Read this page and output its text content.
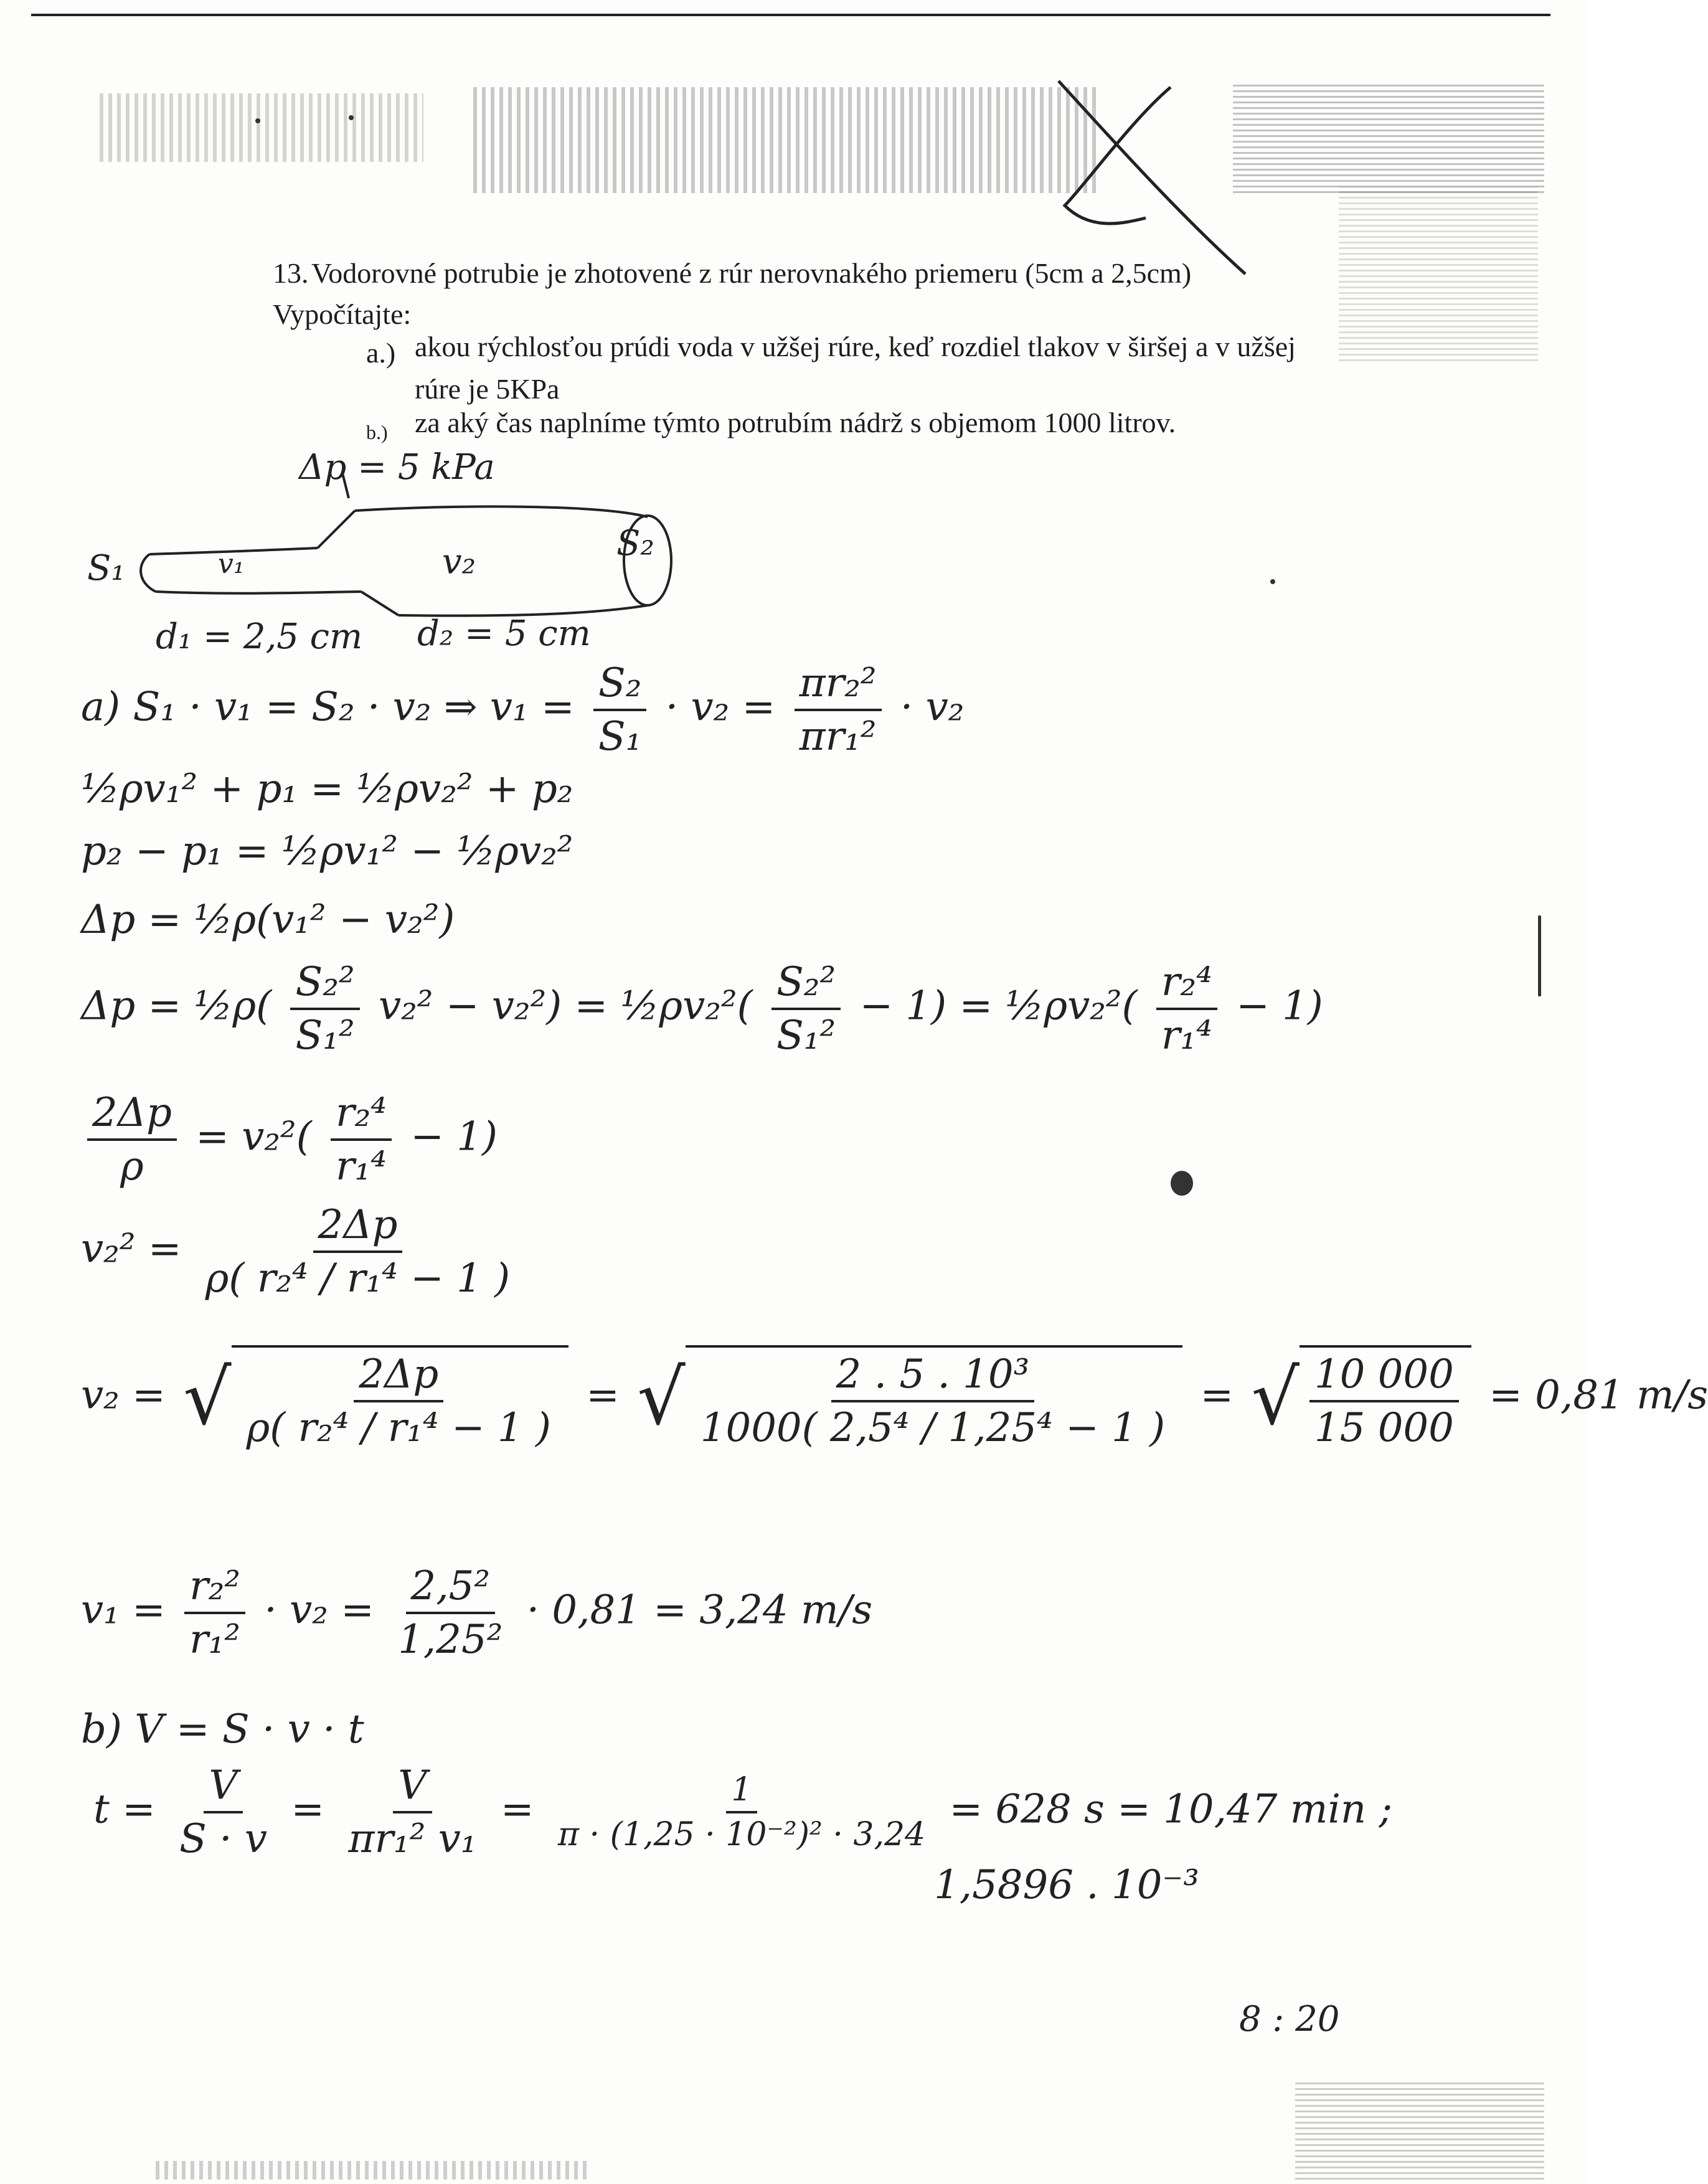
13. Vodorovné potrubie je zhotovené z rúr nerovnakého priemeru (5cm a 2,5cm)
Vypočítajte:
a.) akou rýchlosťou prúdi voda v užšej rúre, keď rozdiel tlakov v širšej a v užšej
rúre je 5KPa
b.) za aký čas naplníme týmto potrubím nádrž s objemom 1000 litrov.
Δp = 5 kPa
S₁
S₂
v₁	v₂
d₁ = 2,5 cm d₂ = 5 cm
a) S₁ · v₁ = S₂ · v₂ ⇒ $v_1 = \frac{\text{S₂}}{\text{S₁}} \cdot v_2 = \frac{\text{πr₂²}}{\text{πr₁²}} \cdot v_2$
½ρv₁² + p₁ = ½ρv₂² + p₂
p₂ − p₁ = ½ρv₁² − ½ρv₂²
Δp = ½ρ(v₁² − v₂²)
Δp = ½ρ( $\frac{\text{S₂²}}{\text{S₁²}} v_2^2 - v_2^2$) = ½ρv₂²( $\frac{\text{S₂²}}{\text{S₁²}} - 1$) = ½ρv₂²( $\frac{\text{r₂⁴}}{\text{r₁⁴}} - 1$)
$\frac{2\Delta p}{\rho} = v_2^2( \frac{\text{r₂⁴}}{\text{r₁⁴}} - 1)$
$v_2^2 = \frac{2\Delta p}{\text{ρ( r₂⁴ / r₁⁴ − 1 )}}$
v₂ = √ $\frac{2\Delta p}{\text{ρ( r₂⁴ / r₁⁴ − 1 )}}$ = √ $\frac{\text{2 . 5 . 10³}}{\text{1000( 2,5⁴ / 1,25⁴ − 1 )}}$ = √ $\frac{10 000}{15 000} = 0,81$ m/s
$v_1 = \frac{\text{r₂²}}{\text{r₁²}} \cdot v_2 = \frac{\text{2,5²}}{\text{1,25²}} \cdot 0,81 = 3,24$ m/s
b) V = S · v · t
$t = \frac{V}{S \cdot v} = \frac{V}{\text{πr₁² v₁}} = \frac{1}{\text{π · (1,25 · 10⁻²)² · 3,24}} = 628$ s = 10,47 min ;
1,5896 . 10⁻³
8 : 20
